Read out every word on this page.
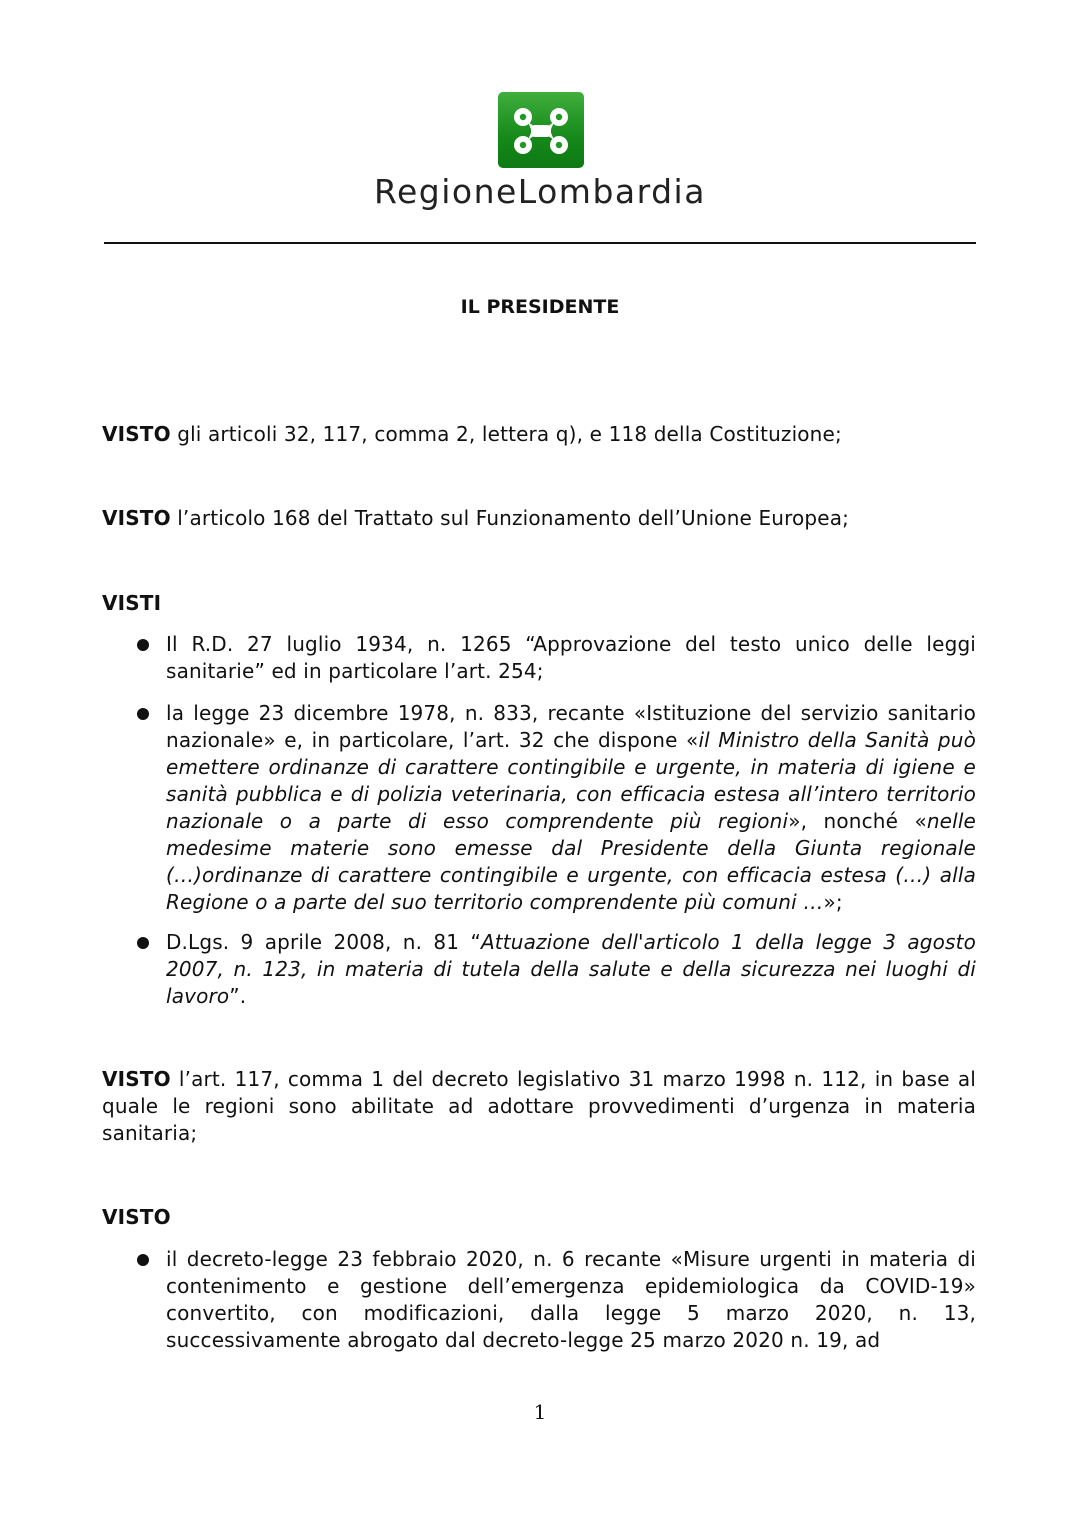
RegioneLombardia
IL PRESIDENTE
VISTO gli articoli 32, 117, comma 2, lettera q), e 118 della Costituzione;
VISTO l’articolo 168 del Trattato sul Funzionamento dell’Unione Europea;
VISTI
Il R.D. 27 luglio 1934, n. 1265 “Approvazione del testo unico delle leggi sanitarie” ed in particolare l’art. 254;
la legge 23 dicembre 1978, n. 833, recante «Istituzione del servizio sanitario nazionale» e, in particolare, l’art. 32 che dispone «il Ministro della Sanità può emettere ordinanze di carattere contingibile e urgente, in materia di igiene e sanità pubblica e di polizia veterinaria, con efficacia estesa all’intero territorio nazionale o a parte di esso comprendente più regioni», nonché «nelle medesime materie sono emesse dal Presidente della Giunta regionale (…)ordinanze di carattere contingibile e urgente, con efficacia estesa (…) alla Regione o a parte del suo territorio comprendente più comuni …»;
D.Lgs. 9 aprile 2008, n. 81 “Attuazione dell'articolo 1 della legge 3 agosto 2007, n. 123, in materia di tutela della salute e della sicurezza nei luoghi di lavoro”.
VISTO l’art. 117, comma 1 del decreto legislativo 31 marzo 1998 n. 112, in base al quale le regioni sono abilitate ad adottare provvedimenti d’urgenza in materia sanitaria;
VISTO
il decreto-legge 23 febbraio 2020, n. 6 recante «Misure urgenti in materia di contenimento e gestione dell’emergenza epidemiologica da COVID-19» convertito, con modificazioni, dalla legge 5 marzo 2020, n. 13, successivamente abrogato dal decreto-legge 25 marzo 2020 n. 19, ad
1
